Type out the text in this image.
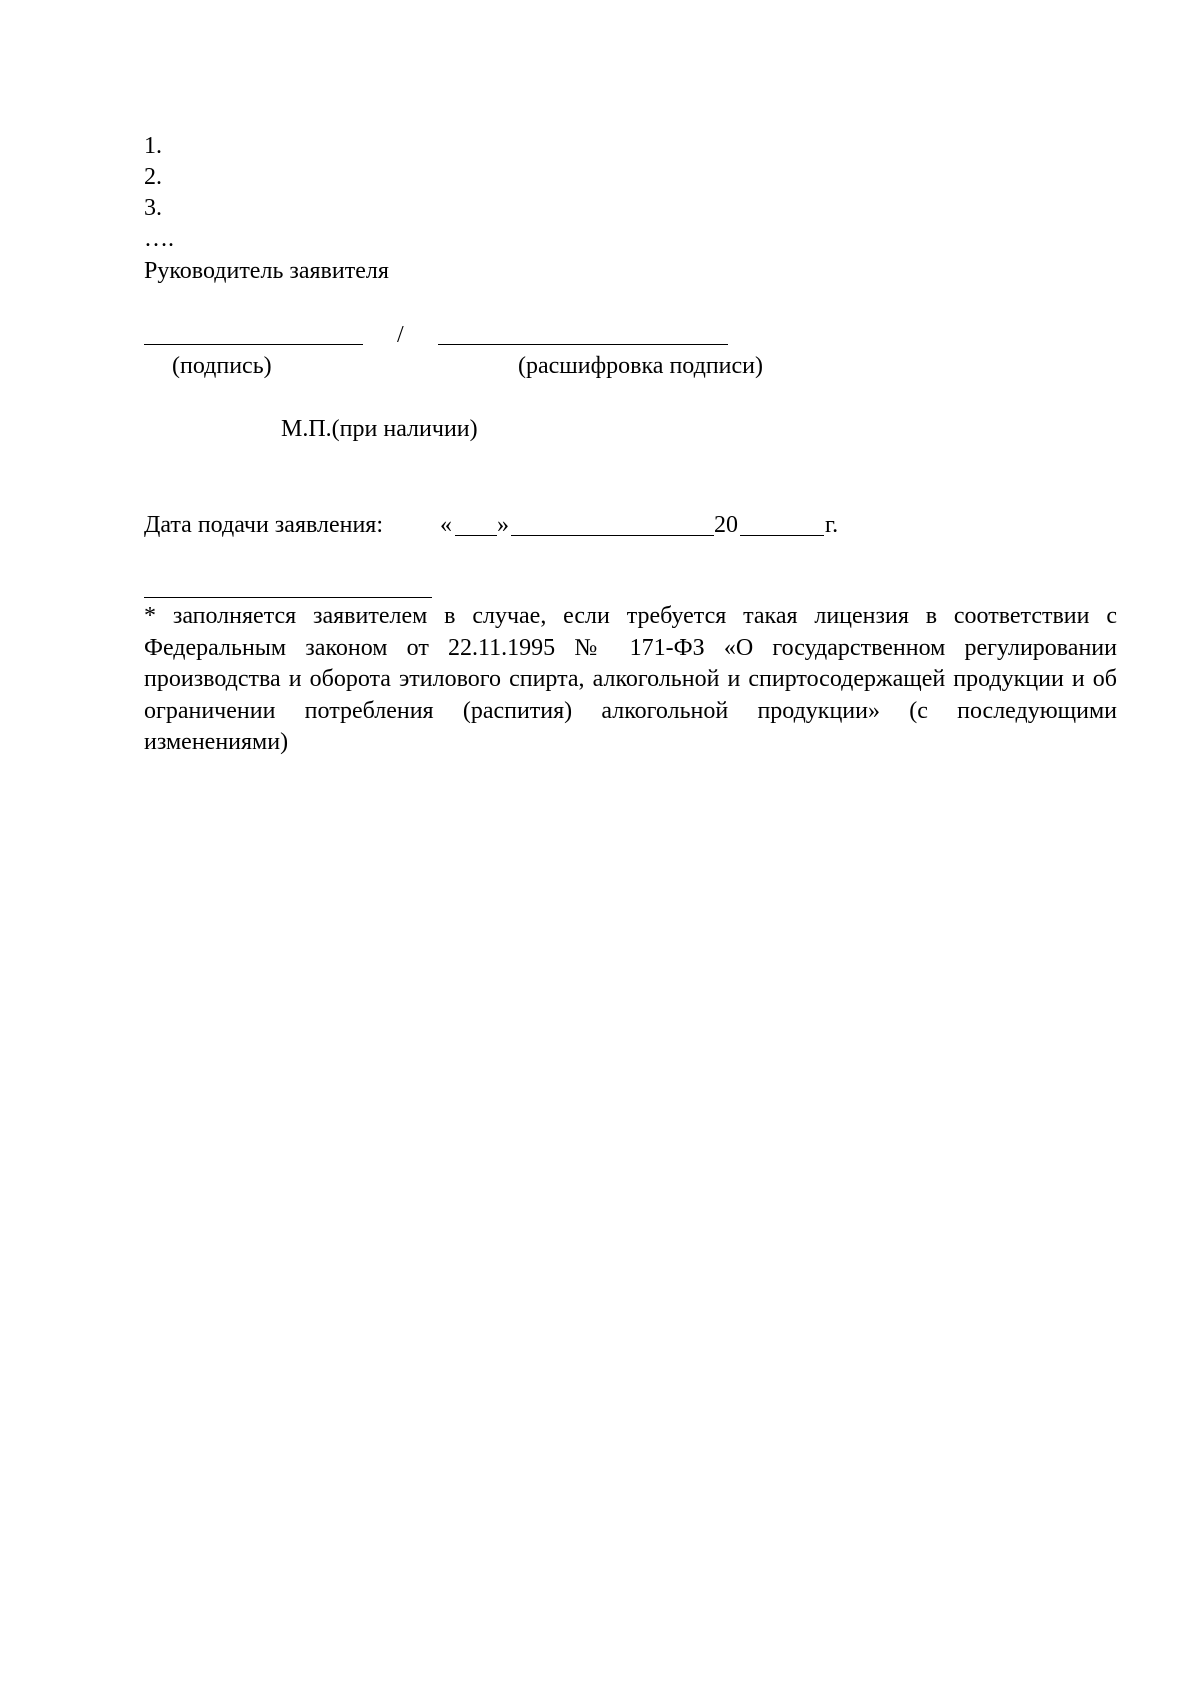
1.
2.
3.
….
Руководитель заявителя
/
(подпись)	(расшифровка подписи)
М.П.(при наличии)
Дата подачи заявления: « »	20	г.
* заполняется заявителем в случае, если требуется такая лицензия в соответствии с Федеральным законом от 22.11.1995 № 171-ФЗ «О государственном регулировании производства и оборота этилового спирта, алкогольной и спиртосодержащей продукции и об ограничении потребления (распития) алкогольной продукции» (с последующими изменениями)
